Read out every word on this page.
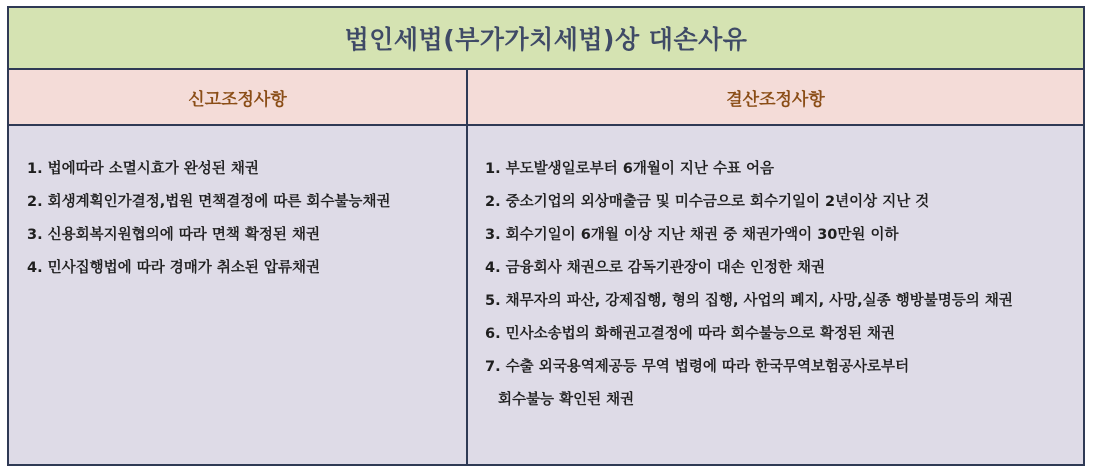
법인세법(부가가치세법)상 대손사유
신고조정사항	결산조정사항
1. 법에따라 소멸시효가 완성된 채권
2. 회생계획인가결정,법원 면책결정에 따른 회수불능채권
3. 신용회복지원협의에 따라 면책 확정된 채권
4. 민사집행법에 따라 경매가 취소된 압류채권
1. 부도발생일로부터 6개월이 지난 수표 어음
2. 중소기업의 외상매출금 및 미수금으로 회수기일이 2년이상 지난 것
3. 회수기일이 6개월 이상 지난 채권 중 채권가액이 30만원 이하
4. 금융회사 채권으로 감독기관장이 대손 인정한 채권
5. 채무자의 파산, 강제집행, 형의 집행, 사업의 폐지, 사망,실종 행방불명등의 채권
6. 민사소송법의 화해권고결정에 따라 회수불능으로 확정된 채권
7. 수출 외국용역제공등 무역 법령에 따라 한국무역보험공사로부터
회수불능 확인된 채권
